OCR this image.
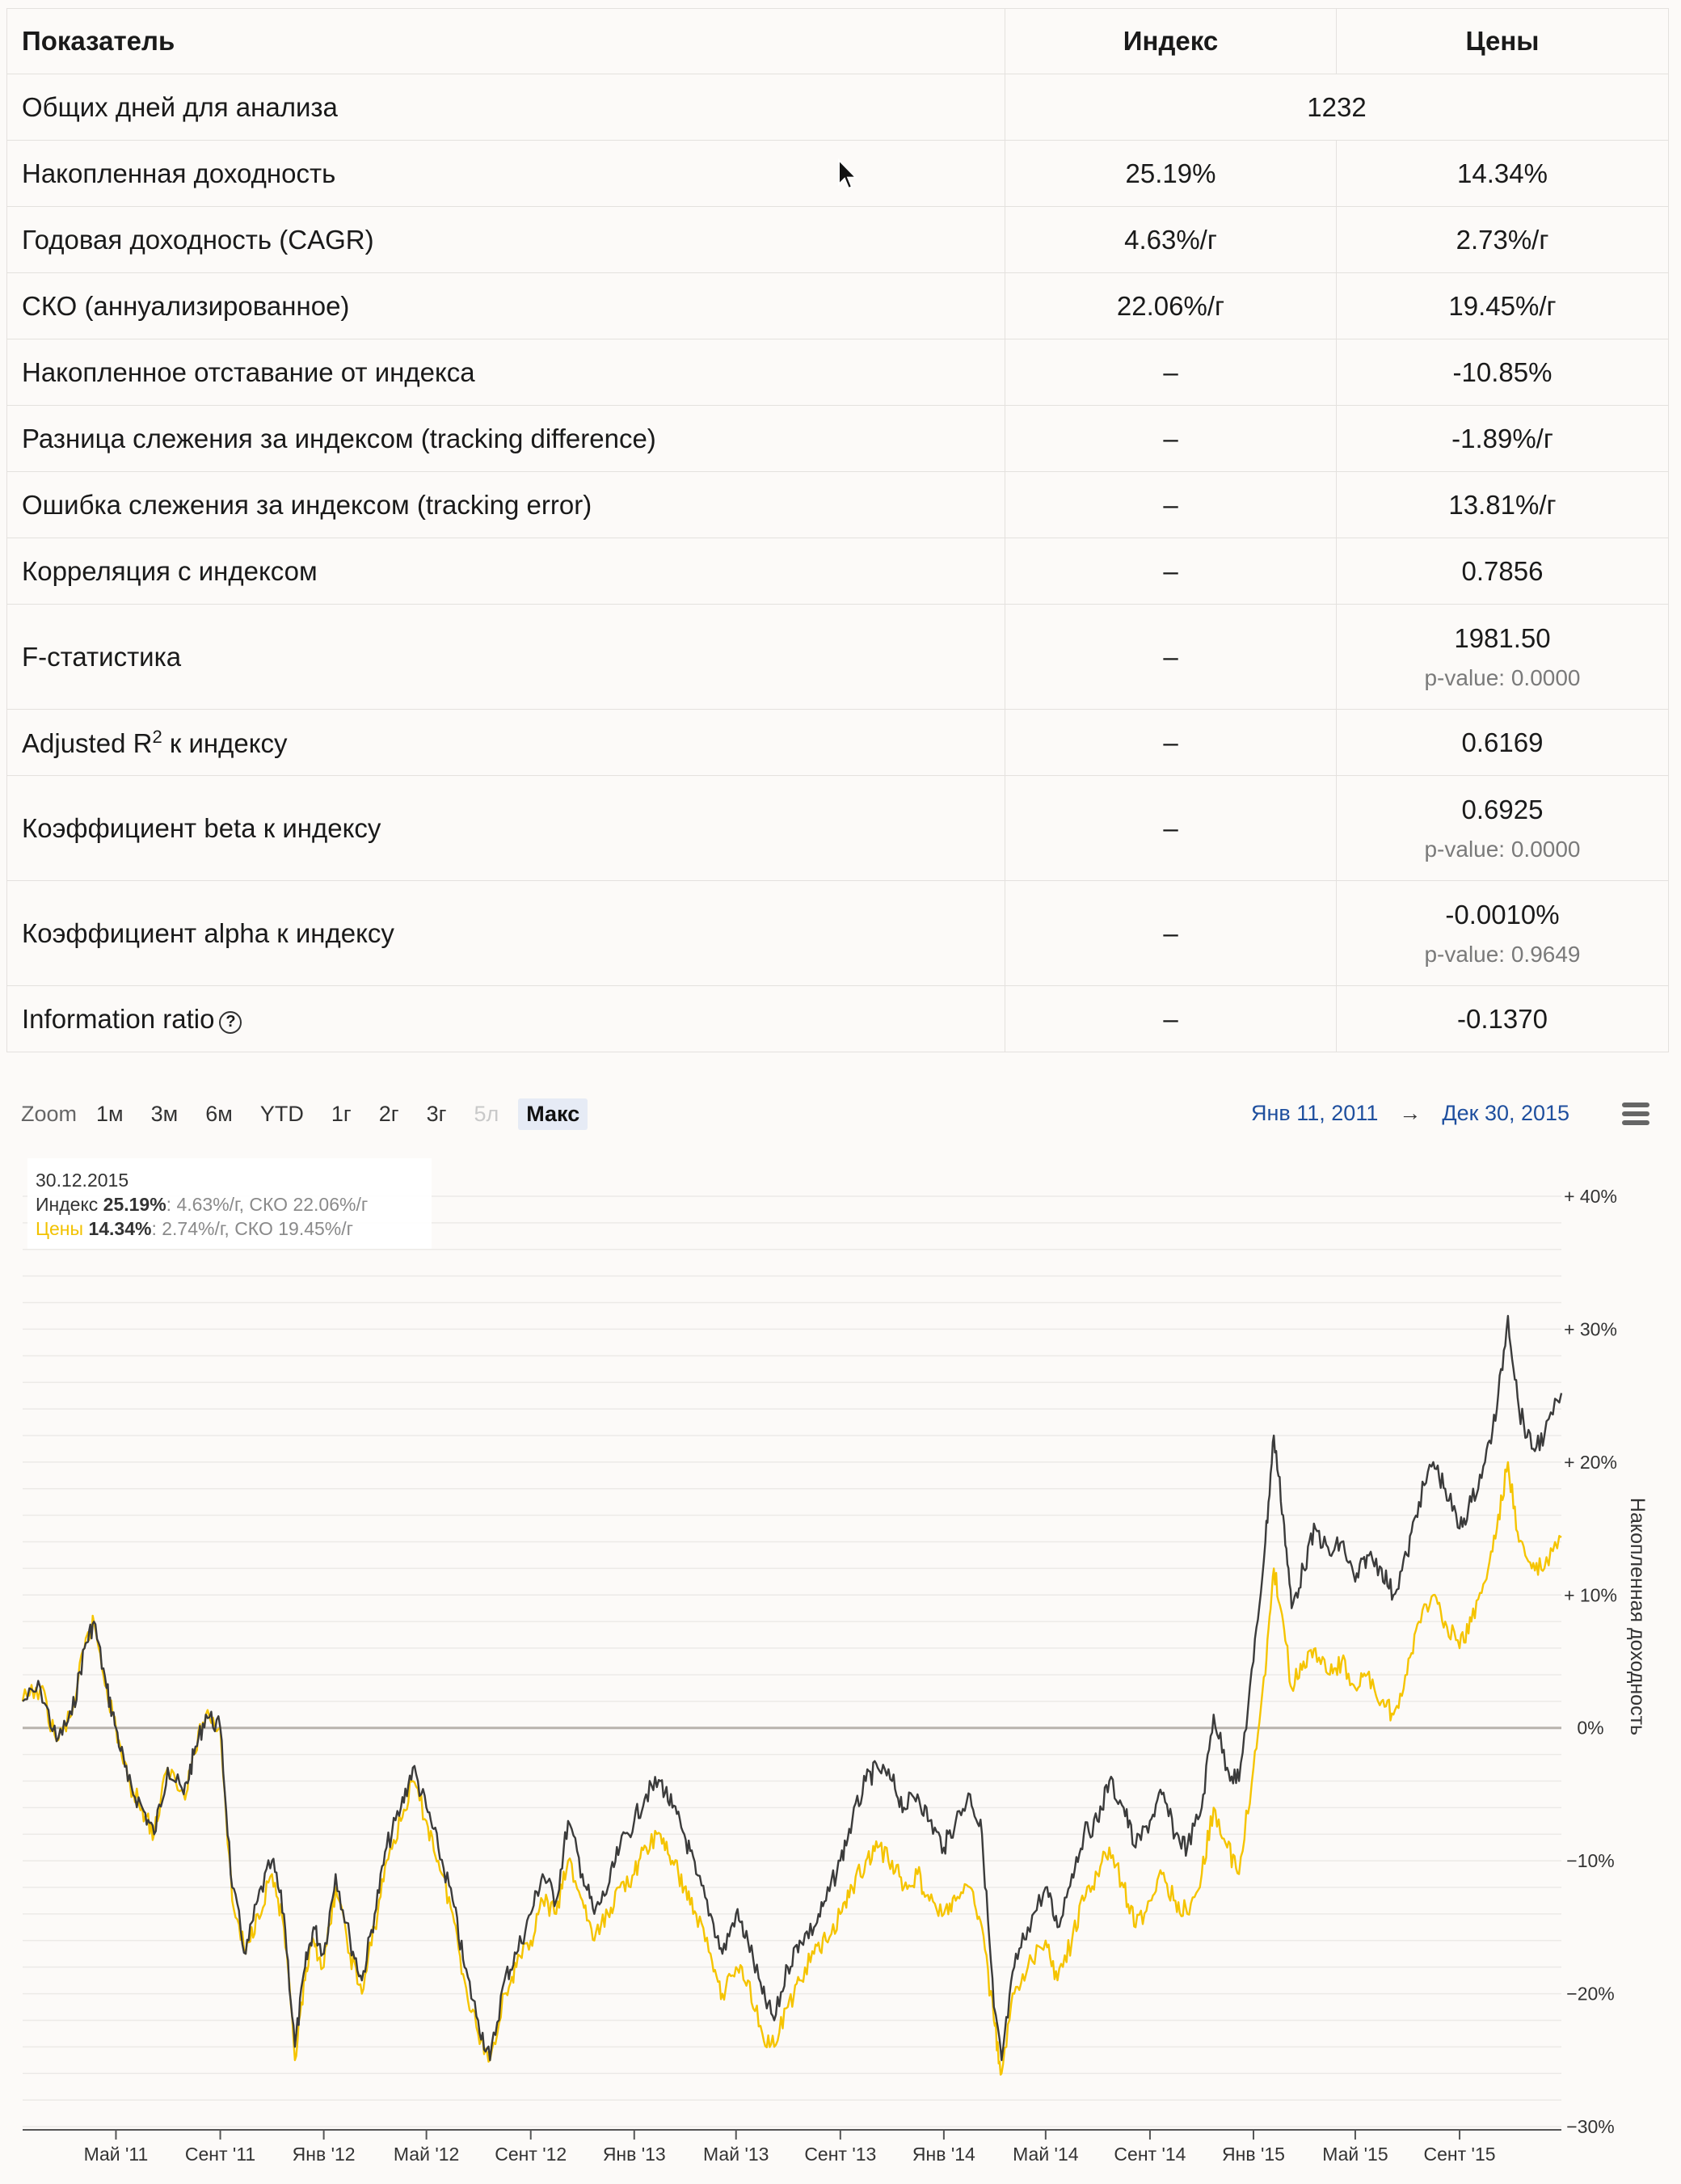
Показатель	Индекс	Цены
Общих дней для анализа	1232	
Накопленная доходность	25.19%	14.34%
Годовая доходность (CAGR)	4.63%/г	2.73%/г
СКО (аннуализированное)	22.06%/г	19.45%/г
Накопленное отставание от индекса	–	-10.85%
Разница слежения за индексом (tracking difference)	–	-1.89%/г
Ошибка слежения за индексом (tracking error)	–	13.81%/г
Корреляция с индексом	–	0.7856
F-статистика	–	1981.50
p-value: 0.0000

Adjusted $R^2$ к индексу	–	0.6169
Коэффициент beta к индексу	–	0.6925
p-value: 0.0000

Коэффициент alpha к индексу	–	-0.0010%
p-value: 0.9649

Information ratio ?	–	-0.1370
Zoom 1м	3м	6м	YTD	1г	2г	3г	5л	Макс	Янв 11, 2011 → Дек 30, 2015
+ 40%
+ 30%
+ 20%
+ 10%
0%
−10%
−20%
−30%
Май '11 Сент '11 Янв '12 Май '12 Сент '12 Янв '13 Май '13 Сент '13 Янв '14 Май '14 Сент '14 Янв '15 Май '15 Сент '15
Накопленная доходность
30.12.2015
Индекс 25.19%: 4.63%/г, СКО 22.06%/г
Цены 14.34%: 2.74%/г, СКО 19.45%/г
